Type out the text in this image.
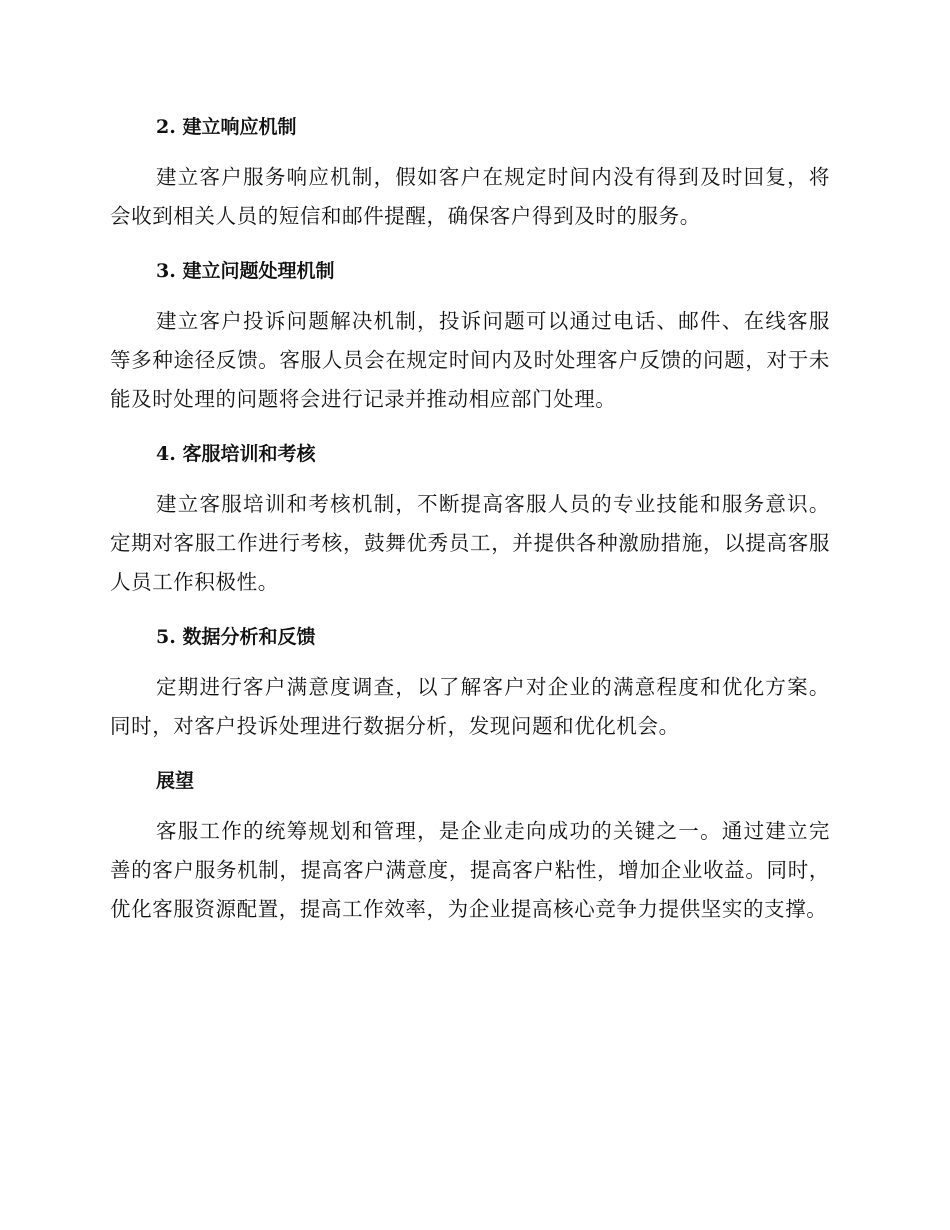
2. 建立响应机制

建立客户服务响应机制，假如客户在规定时间内没有得到及时回复，将会收到相关人员的短信和邮件提醒，确保客户得到及时的服务。

3. 建立问题处理机制

建立客户投诉问题解决机制，投诉问题可以通过电话、邮件、在线客服等多种途径反馈。客服人员会在规定时间内及时处理客户反馈的问题，对于未能及时处理的问题将会进行记录并推动相应部门处理。

4. 客服培训和考核

建立客服培训和考核机制，不断提高客服人员的专业技能和服务意识。定期对客服工作进行考核，鼓舞优秀员工，并提供各种激励措施，以提高客服人员工作积极性。

5. 数据分析和反馈

定期进行客户满意度调查，以了解客户对企业的满意程度和优化方案。同时，对客户投诉处理进行数据分析，发现问题和优化机会。

展望

客服工作的统筹规划和管理，是企业走向成功的关键之一。通过建立完善的客户服务机制，提高客户满意度，提高客户粘性，增加企业收益。同时，优化客服资源配置，提高工作效率，为企业提高核心竞争力提供坚实的支撑。
